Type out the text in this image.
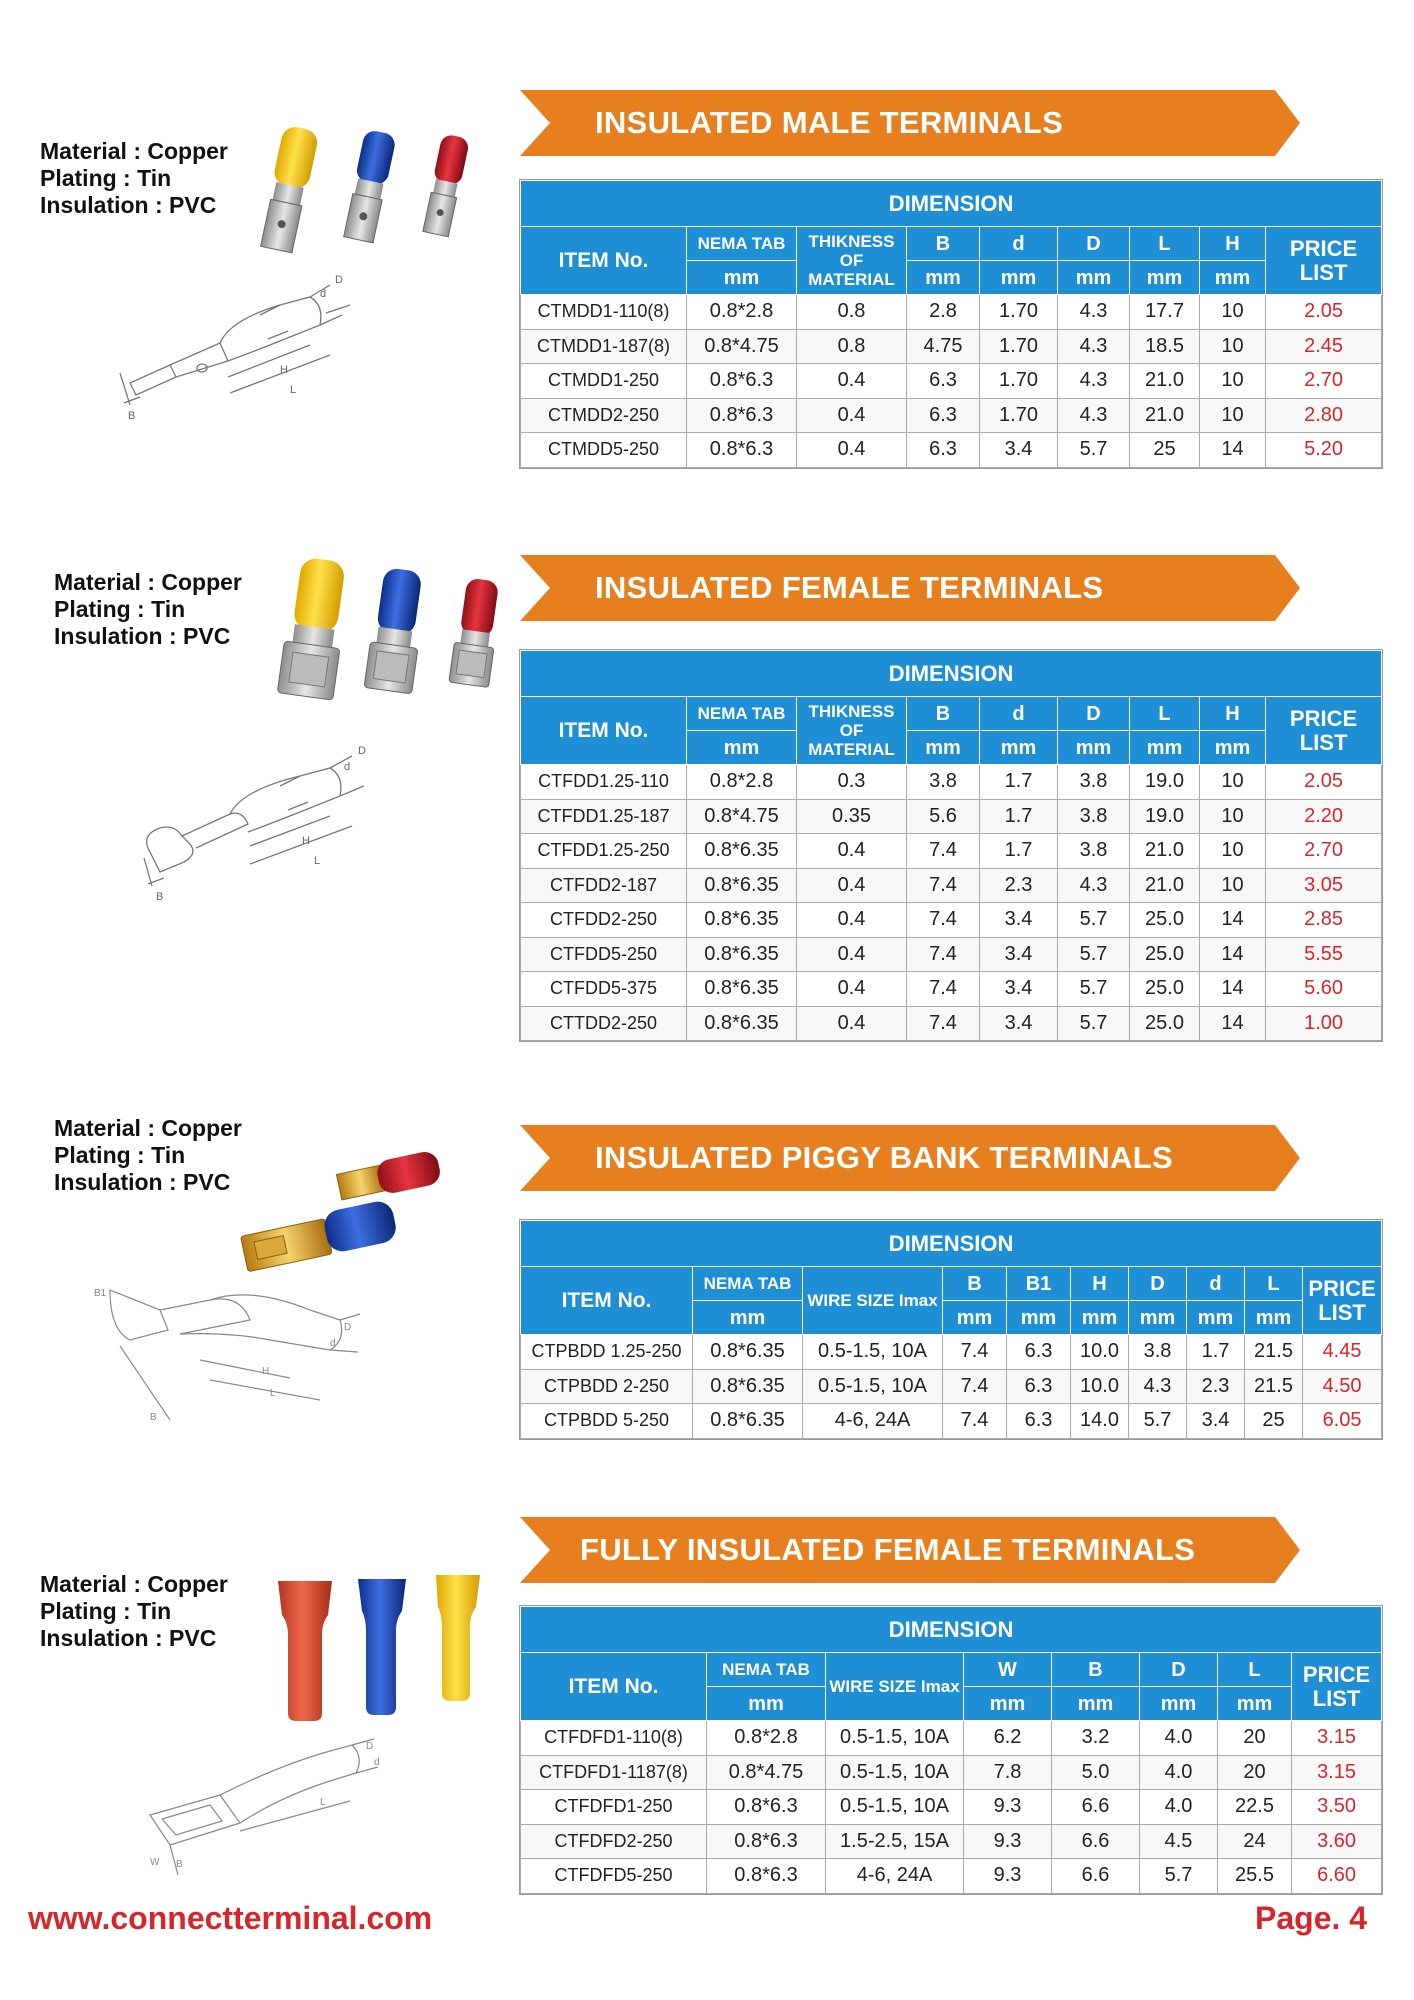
Material : Copper
Plating : Tin
Insulation : PVC
D
d
H
L
B
INSULATED MALE TERMINALS
DIMENSION								
ITEM No.	NEMA TAB	THIKNESS OF MATERIAL	B	d	D	L	H	PRICE LIST
	mm		mm	mm	mm	mm	mm	
CTMDD1-110(8)	0.8*2.8	0.8	2.8	1.70	4.3	17.7	10	2.05
CTMDD1-187(8)	0.8*4.75	0.8	4.75	1.70	4.3	18.5	10	2.45
CTMDD1-250	0.8*6.3	0.4	6.3	1.70	4.3	21.0	10	2.70
CTMDD2-250	0.8*6.3	0.4	6.3	1.70	4.3	21.0	10	2.80
CTMDD5-250	0.8*6.3	0.4	6.3	3.4	5.7	25	14	5.20
Material : Copper
Plating : Tin
Insulation : PVC
D
d
H
L
B
INSULATED FEMALE TERMINALS
DIMENSION								
ITEM No.	NEMA TAB	THIKNESS OF MATERIAL	B	d	D	L	H	PRICE LIST
	mm		mm	mm	mm	mm	mm	
CTFDD1.25-110	0.8*2.8	0.3	3.8	1.7	3.8	19.0	10	2.05
CTFDD1.25-187	0.8*4.75	0.35	5.6	1.7	3.8	19.0	10	2.20
CTFDD1.25-250	0.8*6.35	0.4	7.4	1.7	3.8	21.0	10	2.70
CTFDD2-187	0.8*6.35	0.4	7.4	2.3	4.3	21.0	10	3.05
CTFDD2-250	0.8*6.35	0.4	7.4	3.4	5.7	25.0	14	2.85
CTFDD5-250	0.8*6.35	0.4	7.4	3.4	5.7	25.0	14	5.55
CTFDD5-375	0.8*6.35	0.4	7.4	3.4	5.7	25.0	14	5.60
CTTDD2-250	0.8*6.35	0.4	7.4	3.4	5.7	25.0	14	1.00
Material : Copper
Plating : Tin
Insulation : PVC
B1
H
L
D
d
B
INSULATED PIGGY BANK TERMINALS
DIMENSION									
ITEM No.	NEMA TAB	WIRE SIZE Imax	B	B1	H	D	d	L	PRICE LIST
	mm		mm	mm	mm	mm	mm	mm	
CTPBDD 1.25-250	0.8*6.35	0.5-1.5, 10A	7.4	6.3	10.0	3.8	1.7	21.5	4.45
CTPBDD 2-250	0.8*6.35	0.5-1.5, 10A	7.4	6.3	10.0	4.3	2.3	21.5	4.50
CTPBDD 5-250	0.8*6.35	4-6, 24A	7.4	6.3	14.0	5.7	3.4	25	6.05
Material : Copper
Plating : Tin
Insulation : PVC
D
d
L
W B
FULLY INSULATED FEMALE TERMINALS
DIMENSION							
ITEM No.	NEMA TAB	WIRE SIZE Imax	W	B	D	L	PRICE LIST
	mm		mm	mm	mm	mm	
CTFDFD1-110(8)	0.8*2.8	0.5-1.5, 10A	6.2	3.2	4.0	20	3.15
CTFDFD1-1187(8)	0.8*4.75	0.5-1.5, 10A	7.8	5.0	4.0	20	3.15
CTFDFD1-250	0.8*6.3	0.5-1.5, 10A	9.3	6.6	4.0	22.5	3.50
CTFDFD2-250	0.8*6.3	1.5-2.5, 15A	9.3	6.6	4.5	24	3.60
CTFDFD5-250	0.8*6.3	4-6, 24A	9.3	6.6	5.7	25.5	6.60
www.connectterminal.com	Page. 4
